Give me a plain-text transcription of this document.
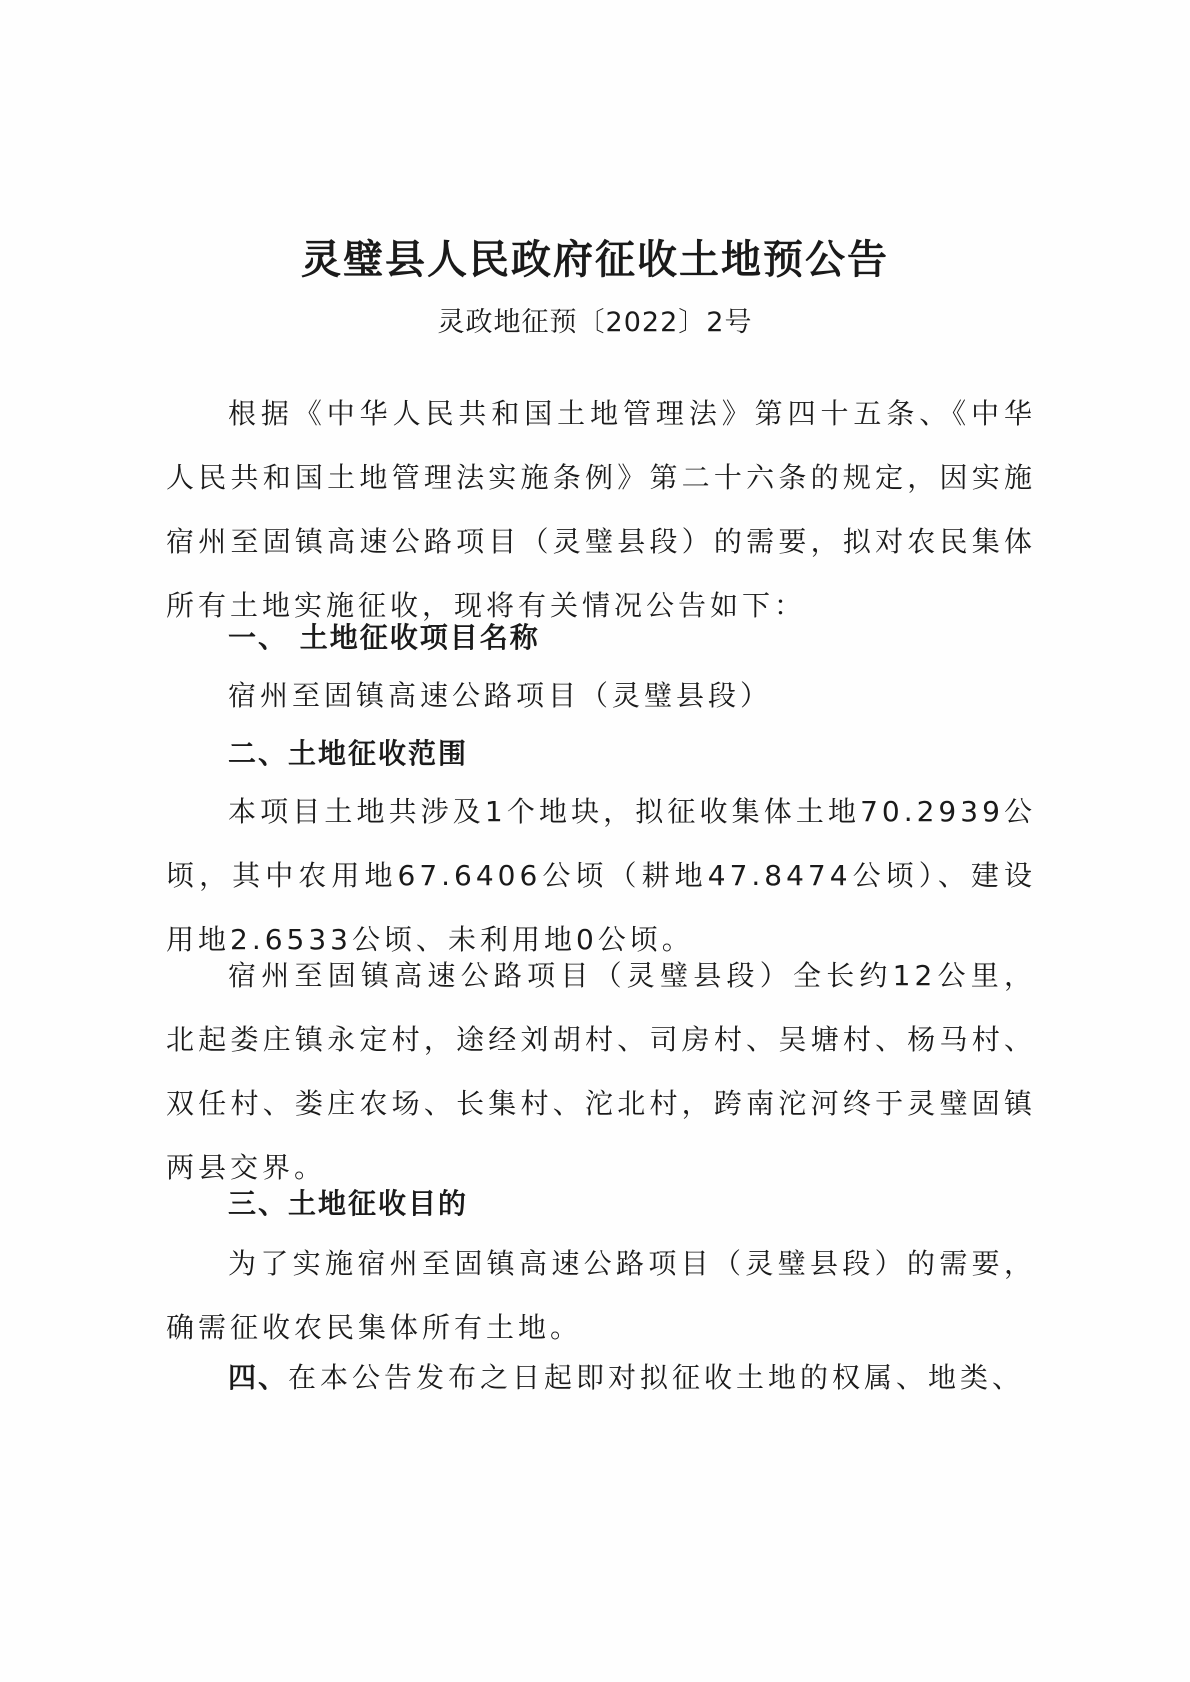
灵璧县人民政府征收土地预公告
灵政地征预〔2022〕2号

根据《中华人民共和国土地管理法》第四十五条、《中华人民共和国土地管理法实施条例》第二十六条的规定，因实施宿州至固镇高速公路项目（灵璧县段）的需要，拟对农民集体所有土地实施征收，现将有关情况公告如下：

一、 土地征收项目名称

宿州至固镇高速公路项目（灵璧县段）

二、土地征收范围

本项目土地共涉及1个地块，拟征收集体土地70.2939公顷，其中农用地67.6406公顷（耕地47.8474公顷）、建设用地2.6533公顷、未利用地0公顷。

宿州至固镇高速公路项目（灵璧县段）全长约12公里，北起娄庄镇永定村，途经刘胡村、司房村、吴塘村、杨马村、双任村、娄庄农场、长集村、沱北村，跨南沱河终于灵璧固镇两县交界。

三、土地征收目的

为了实施宿州至固镇高速公路项目（灵璧县段）的需要，确需征收农民集体所有土地。

四、在本公告发布之日起即对拟征收土地的权属、地类、
